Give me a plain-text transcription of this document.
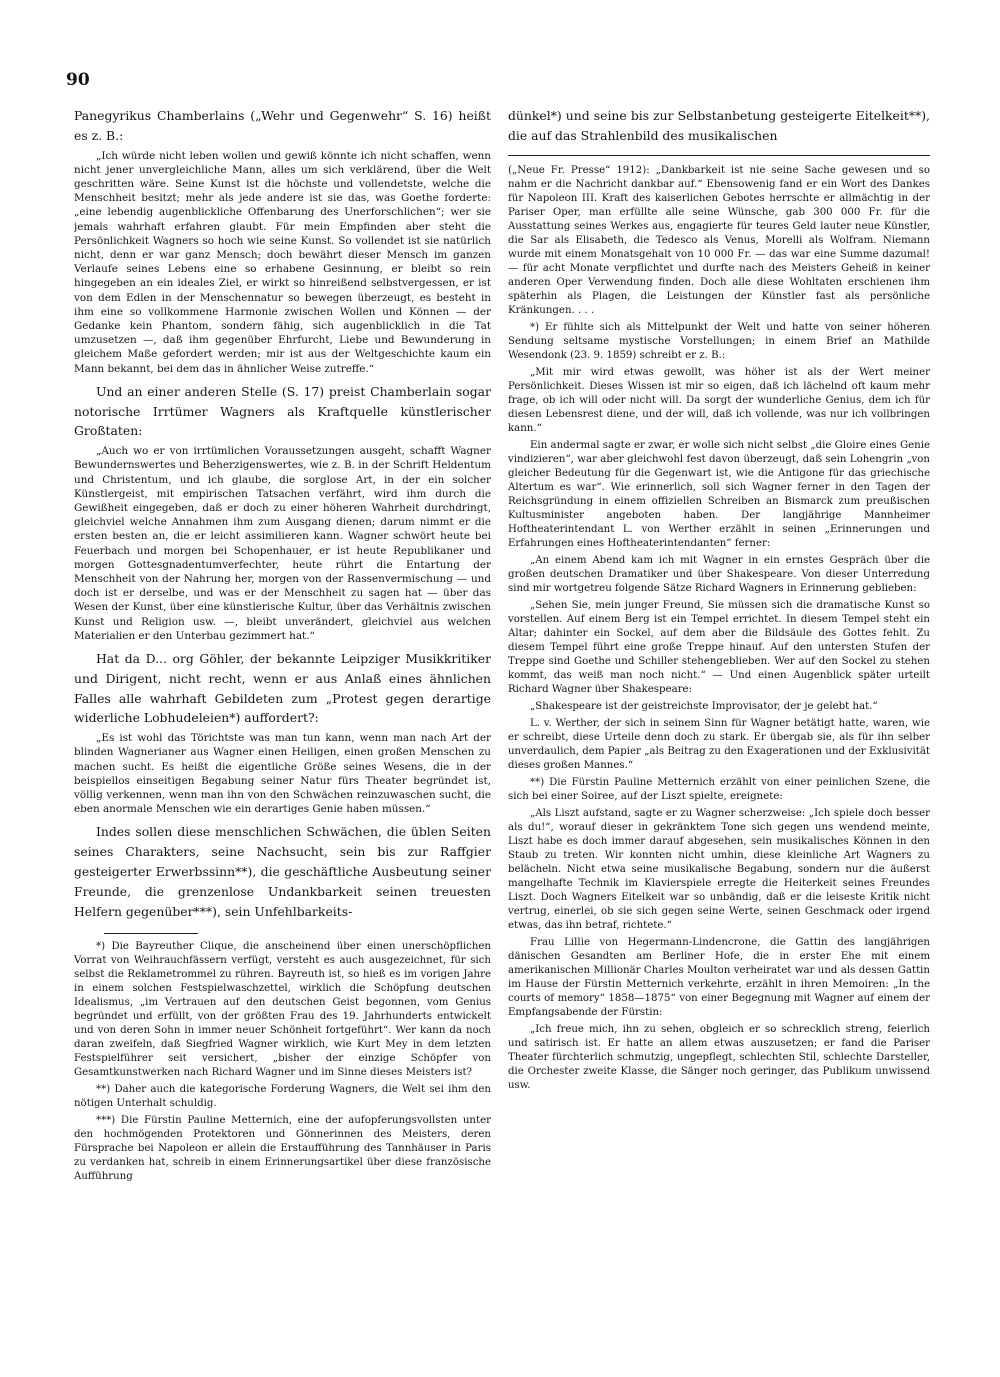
90

Panegyrikus Chamberlains („Wehr und Gegenwehr“ S. 16) heißt es z. B.:

„Ich würde nicht leben wollen und gewiß könnte ich nicht schaffen, wenn nicht jener unvergleichliche Mann, alles um sich verklärend, über die Welt geschritten wäre. Seine Kunst ist die höchste und vollendetste, welche die Menschheit besitzt; mehr als jede andere ist sie das, was Goethe forderte: „eine lebendig augenblickliche Offenbarung des Unerforschlichen“; wer sie jemals wahrhaft erfahren glaubt. Für mein Empfinden aber steht die Persönlichkeit Wagners so hoch wie seine Kunst. So vollendet ist sie natürlich nicht, denn er war ganz Mensch; doch bewährt dieser Mensch im ganzen Verlaufe seines Lebens eine so erhabene Gesinnung, er bleibt so rein hingegeben an ein ideales Ziel, er wirkt so hinreißend selbstvergessen, er ist von dem Edlen in der Menschennatur so bewegen überzeugt, es besteht in ihm eine so vollkommene Harmonie zwischen Wollen und Können — der Gedanke kein Phantom, sondern fähig, sich augenblicklich in die Tat umzusetzen —, daß ihm gegenüber Ehrfurcht, Liebe und Bewunderung in gleichem Maße gefordert werden; mir ist aus der Weltgeschichte kaum ein Mann bekannt, bei dem das in ähnlicher Weise zutreffe.“

Und an einer anderen Stelle (S. 17) preist Chamberlain sogar notorische Irrtümer Wagners als Kraftquelle künstlerischer Großtaten:

„Auch wo er von irrtümlichen Voraussetzungen ausgeht, schafft Wagner Bewundernswertes und Beherzigenswertes, wie z. B. in der Schrift Heldentum und Christentum, und ich glaube, die sorglose Art, in der ein solcher Künstlergeist, mit empirischen Tatsachen verfährt, wird ihm durch die Gewißheit eingegeben, daß er doch zu einer höheren Wahrheit durchdringt, gleichviel welche Annahmen ihm zum Ausgang dienen; darum nimmt er die ersten besten an, die er leicht assimilieren kann. Wagner schwört heute bei Feuerbach und morgen bei Schopenhauer, er ist heute Republikaner und morgen Gottesgnadentumverfechter, heute rührt die Entartung der Menschheit von der Nahrung her, morgen von der Rassenvermischung — und doch ist er derselbe, und was er der Menschheit zu sagen hat — über das Wesen der Kunst, über eine künstlerische Kultur, über das Verhältnis zwischen Kunst und Religion usw. —, bleibt unverändert, gleichviel aus welchen Materialien er den Unterbau gezimmert hat.“

Hat da D... org Göhler, der bekannte Leipziger Musikkritiker und Dirigent, nicht recht, wenn er aus Anlaß eines ähnlichen Falles alle wahrhaft Gebildeten zum „Protest gegen derartige widerliche Lobhudeleien*) auffordert?:

„Es ist wohl das Törichtste was man tun kann, wenn man nach Art der blinden Wagnerianer aus Wagner einen Heiligen, einen großen Menschen zu machen sucht. Es heißt die eigentliche Größe seines Wesens, die in der beispiellos einseitigen Begabung seiner Natur fürs Theater begründet ist, völlig verkennen, wenn man ihn von den Schwächen reinzuwaschen sucht, die eben anormale Menschen wie ein derartiges Genie haben müssen.“

Indes sollen diese menschlichen Schwächen, die üblen Seiten seines Charakters, seine Nachsucht, sein bis zur Raffgier gesteigerter Erwerbssinn**), die geschäftliche Ausbeutung seiner Freunde, die grenzenlose Undankbarkeit seinen treuesten Helfern gegenüber***), sein Unfehlbarkeits-

*) Die Bayreuther Clique, die anscheinend über einen unerschöpflichen Vorrat von Weihrauchfässern verfügt, versteht es auch ausgezeichnet, für sich selbst die Reklametrommel zu rühren. Bayreuth ist, so hieß es im vorigen Jahre in einem solchen Festspielwaschzettel, wirklich die Schöpfung deutschen Idealismus, „im Vertrauen auf den deutschen Geist begonnen, vom Genius begründet und erfüllt, von der größten Frau des 19. Jahrhunderts entwickelt und von deren Sohn in immer neuer Schönheit fortgeführt“. Wer kann da noch daran zweifeln, daß Siegfried Wagner wirklich, wie Kurt Mey in dem letzten Festspielführer seit versichert, „bisher der einzige Schöpfer von Gesamtkunstwerken nach Richard Wagner und im Sinne dieses Meisters ist?

**) Daher auch die kategorische Forderung Wagners, die Welt sei ihm den nötigen Unterhalt schuldig.

***) Die Fürstin Pauline Metternich, eine der aufopferungsvollsten unter den hochmögenden Protektoren und Gönnerinnen des Meisters, deren Fürsprache bei Napoleon er allein die Erstaufführung des Tannhäuser in Paris zu verdanken hat, schreib in einem Erinnerungsartikel über diese französische Aufführung

dünkel*) und seine bis zur Selbstanbetung gesteigerte Eitelkeit**), die auf das Strahlenbild des musikalischen

(„Neue Fr. Presse“ 1912): „Dankbarkeit ist nie seine Sache gewesen und so nahm er die Nachricht dankbar auf.“ Ebensowenig fand er ein Wort des Dankes für Napoleon III. Kraft des kaiserlichen Gebotes herrschte er allmächtig in der Pariser Oper, man erfüllte alle seine Wünsche, gab 300 000 Fr. für die Ausstattung seines Werkes aus, engagierte für teures Geld lauter neue Künstler, die Sar als Elisabeth, die Tedesco als Venus, Morelli als Wolfram. Niemann wurde mit einem Monatsgehalt von 10 000 Fr. — das war eine Summe dazumal! — für acht Monate verpflichtet und durfte nach des Meisters Geheiß in keiner anderen Oper Verwendung finden. Doch alle diese Wohltaten erschienen ihm späterhin als Plagen, die Leistungen der Künstler fast als persönliche Kränkungen. . . .

*) Er fühlte sich als Mittelpunkt der Welt und hatte von seiner höheren Sendung seltsame mystische Vorstellungen; in einem Brief an Mathilde Wesendonk (23. 9. 1859) schreibt er z. B.:

„Mit mir wird etwas gewollt, was höher ist als der Wert meiner Persönlichkeit. Dieses Wissen ist mir so eigen, daß ich lächelnd oft kaum mehr frage, ob ich will oder nicht will. Da sorgt der wunderliche Genius, dem ich für diesen Lebensrest diene, und der will, daß ich vollende, was nur ich vollbringen kann.“

Ein andermal sagte er zwar, er wolle sich nicht selbst „die Gloire eines Genie vindizieren“, war aber gleichwohl fest davon überzeugt, daß sein Lohengrin „von gleicher Bedeutung für die Gegenwart ist, wie die Antigone für das griechische Altertum es war“. Wie erinnerlich, soll sich Wagner ferner in den Tagen der Reichsgründung in einem offiziellen Schreiben an Bismarck zum preußischen Kultusminister angeboten haben. Der langjährige Mannheimer Hoftheaterintendant L. von Werther erzählt in seinen „Erinnerungen und Erfahrungen eines Hoftheaterintendanten“ ferner:

„An einem Abend kam ich mit Wagner in ein ernstes Gespräch über die großen deutschen Dramatiker und über Shakespeare. Von dieser Unterredung sind mir wortgetreu folgende Sätze Richard Wagners in Erinnerung geblieben:

„Sehen Sie, mein junger Freund, Sie müssen sich die dramatische Kunst so vorstellen. Auf einem Berg ist ein Tempel errichtet. In diesem Tempel steht ein Altar; dahinter ein Sockel, auf dem aber die Bildsäule des Gottes fehlt. Zu diesem Tempel führt eine große Treppe hinauf. Auf den untersten Stufen der Treppe sind Goethe und Schiller stehengeblieben. Wer auf den Sockel zu stehen kommt, das weiß man noch nicht.“ — Und einen Augenblick später urteilt Richard Wagner über Shakespeare:

„Shakespeare ist der geistreichste Improvisator, der je gelebt hat.“

L. v. Werther, der sich in seinem Sinn für Wagner betätigt hatte, waren, wie er schreibt, diese Urteile denn doch zu stark. Er übergab sie, als für ihn selber unverdaulich, dem Papier „als Beitrag zu den Exagerationen und der Exklusivität dieses großen Mannes.“

**) Die Fürstin Pauline Metternich erzählt von einer peinlichen Szene, die sich bei einer Soiree, auf der Liszt spielte, ereignete:

„Als Liszt aufstand, sagte er zu Wagner scherzweise: „Ich spiele doch besser als du!“, worauf dieser in gekränktem Tone sich gegen uns wendend meinte, Liszt habe es doch immer darauf abgesehen, sein musikalisches Können in den Staub zu treten. Wir konnten nicht umhin, diese kleinliche Art Wagners zu belächeln. Nicht etwa seine musikalische Begabung, sondern nur die äußerst mangelhafte Technik im Klavierspiele erregte die Heiterkeit seines Freundes Liszt. Doch Wagners Eitelkeit war so unbändig, daß er die leiseste Kritik nicht vertrug, einerlei, ob sie sich gegen seine Werte, seinen Geschmack oder irgend etwas, das ihn betraf, richtete.“

Frau Lillie von Hegermann-Lindencrone, die Gattin des langjährigen dänischen Gesandten am Berliner Hofe, die in erster Ehe mit einem amerikanischen Millionär Charles Moulton verheiratet war und als dessen Gattin im Hause der Fürstin Metternich verkehrte, erzählt in ihren Memoiren: „In the courts of memory“ 1858—1875“ von einer Begegnung mit Wagner auf einem der Empfangsabende der Fürstin:

„Ich freue mich, ihn zu sehen, obgleich er so schrecklich streng, feierlich und satirisch ist. Er hatte an allem etwas auszusetzen; er fand die Pariser Theater fürchterlich schmutzig, ungepflegt, schlechten Stil, schlechte Darsteller, die Orchester zweite Klasse, die Sänger noch geringer, das Publikum unwissend usw.
